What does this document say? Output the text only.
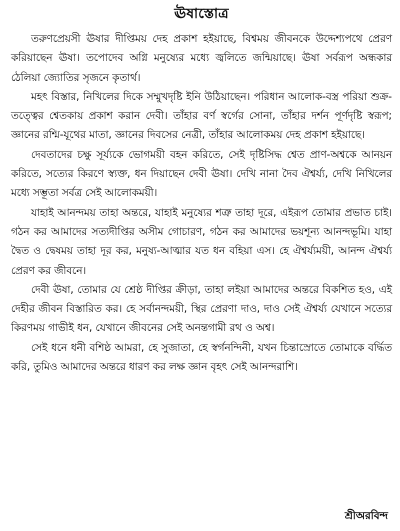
ঊষাস্তোত্র

তরুণপ্রেয়সী ঊষার দীপ্তিময় দেহ প্রকাশ হইয়াছে, বিশ্বময় জীবনকে উদ্দেশ্যপথে প্রেরণ করিয়াছেন ঊষা। তপোদেব অগ্নি মনুষ্যের মধ্যে জ্বলিতে জন্মিয়াছে। ঊষা সর্বরূপ অন্ধকার ঠেলিয়া জ্যোতির সৃজনে কৃতার্থ।

মহৎ বিস্তার, নিখিলের দিকে সম্মুখদৃষ্টি ইনি উঠিয়াছেন। পরিধান আলোক-বস্ত্র পরিয়া শুক্র-তত্ত্বের শ্বেতকায় প্রকাশ করান দেবী। তাঁহার বর্ণ স্বর্গের সোনা, তাঁহার দর্শন পূর্ণদৃষ্টি স্বরূপ; জ্ঞানের রশ্মি-যূথের মাতা, জ্ঞানের দিবসের নেত্রী, তাঁহার আলোকময় দেহ প্রকাশ হইয়াছে।

দেবতাদের চক্ষু সূর্য্যকে ভোগময়ী বহন করিতে, সেই দৃষ্টিসিদ্ধ শ্বেত প্রাণ-অশ্বকে আনয়ন করিতে, সত্যের কিরণে স্ব্যক্ত, ধন দিয়াছেন দেবী ঊষা। দেখি নানা দৈব ঐশ্বর্য্য, দেখি নিখিলের মধ্যে সম্ভূতা সর্বত্র সেই আলোকময়ী।

যাহাই আনন্দময় তাহা অন্তরে, যাহাই মনুষ্যের শত্রু তাহা দূরে, এইরূপ তোমার প্রভাত চাই। গঠন কর আমাদের সত্যদীপ্তির অসীম গোচারণ, গঠন কর আমাদের ভয়শূন্য আনন্দভূমি। যাহা দ্বৈত ও দ্বেষময় তাহা দূর কর, মনুষ্য-আত্মার যত ধন বহিয়া এস। হে ঐশ্বর্য্যময়ী, আনন্দ ঐশ্বর্য্য প্রেরণ কর জীবনে।

দেবী ঊষা, তোমার যে শ্রেষ্ঠ দীপ্তির ক্রীড়া, তাহা লইয়া আমাদের অন্তরে বিকশিত হও, এই দেহীর জীবন বিস্তারিত কর। হে সর্বানন্দময়ী, স্থির প্রেরণা দাও, দাও সেই ঐশ্বর্য্য যেখানে সত্যের কিরণময় গাভীই ধন, যেখানে জীবনের সেই অনন্তগামী রথ ও অশ্ব।

সেই ধনে ধনী বশিষ্ঠ আমরা, হে সুজাতা, হে স্বর্গনন্দিনী, যখন চিন্তাস্রোতে তোমাকে বর্দ্ধিত করি, তুমিও আমাদের অন্তরে ধারণ কর লক্ষ জ্ঞান বৃহৎ সেই আনন্দরাশি।

শ্রীঅরবিন্দ
